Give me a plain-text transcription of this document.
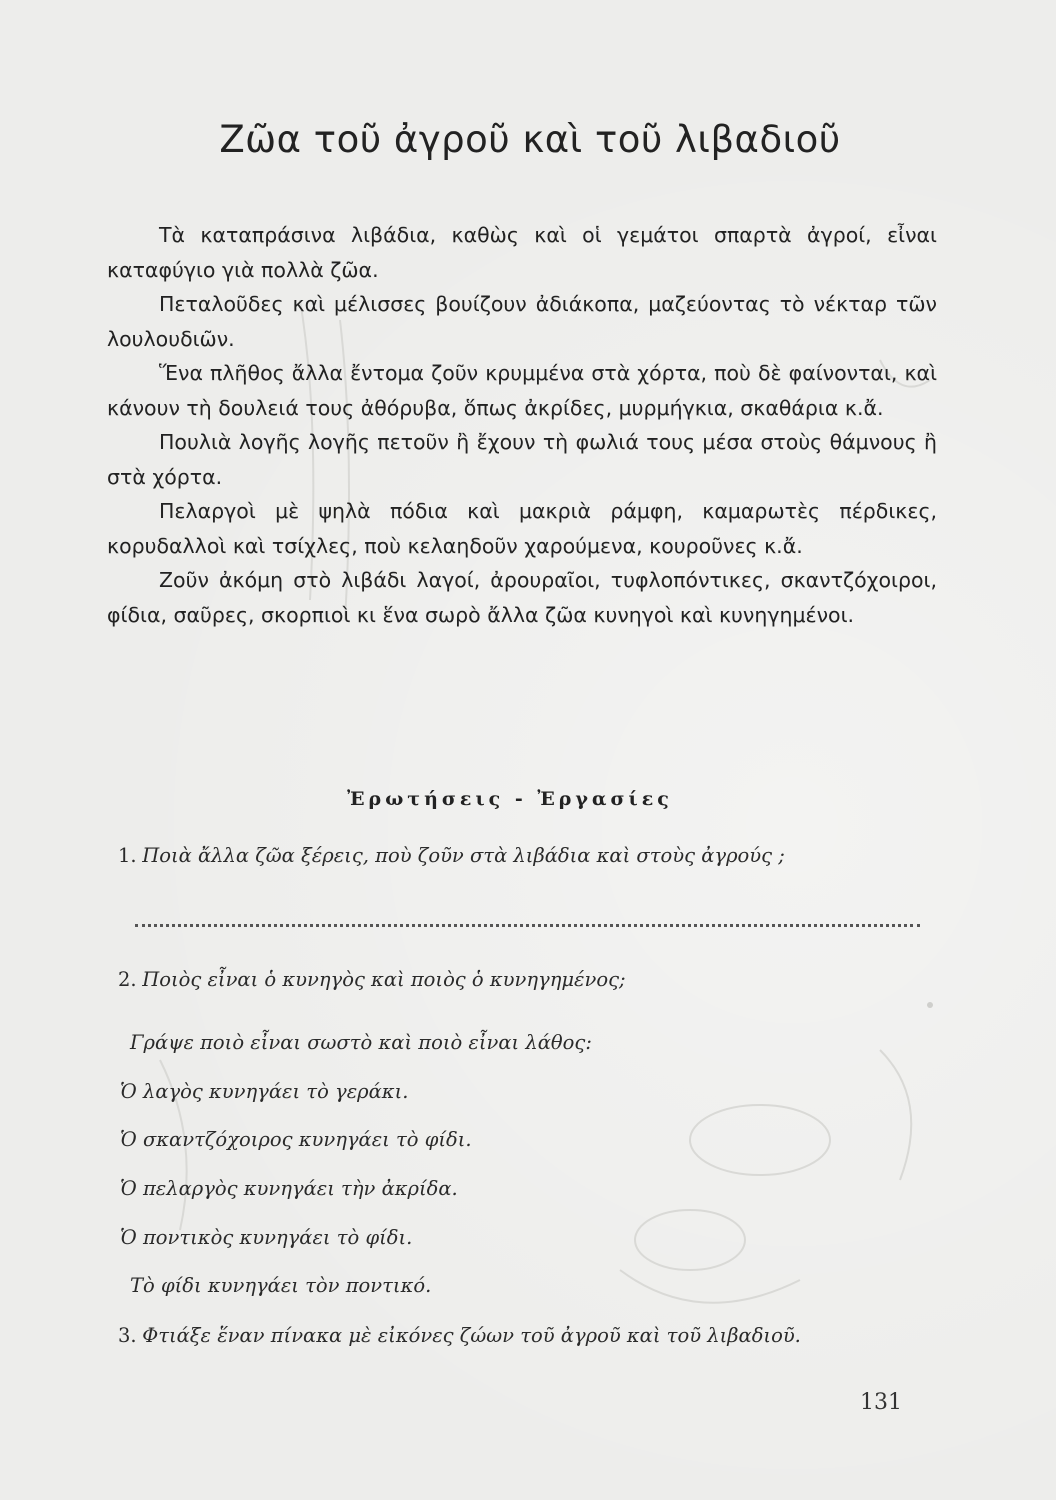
Ζῶα τοῦ ἀγροῦ καὶ τοῦ λιβαδιοῦ

Τὰ καταπράσινα λιβάδια, καθὼς καὶ οἱ γεμάτοι σπαρτὰ ἀγροί, εἶναι καταφύγιο γιὰ πολλὰ ζῶα.

Πεταλοῦδες καὶ μέλισσες βουίζουν ἀδιάκοπα, μαζεύοντας τὸ νέκταρ τῶν λουλουδιῶν.

Ἕνα πλῆθος ἄλλα ἔντομα ζοῦν κρυμμένα στὰ χόρτα, ποὺ δὲ φαίνονται, καὶ κάνουν τὴ δουλειά τους ἀθόρυβα, ὅπως ἀκρίδες, μυρμήγκια, σκαθάρια κ.ἄ.

Πουλιὰ λογῆς λογῆς πετοῦν ἢ ἔχουν τὴ φωλιά τους μέσα στοὺς θάμνους ἢ στὰ χόρτα.

Πελαργοὶ μὲ ψηλὰ πόδια καὶ μακριὰ ράμφη, καμαρωτὲς πέρδικες, κορυδαλλοὶ καὶ τσίχλες, ποὺ κελαηδοῦν χαρούμενα, κουροῦνες κ.ἄ.

Ζοῦν ἀκόμη στὸ λιβάδι λαγοί, ἀρουραῖοι, τυφλοπόντικες, σκαντζόχοιροι, φίδια, σαῦρες, σκορπιοὶ κι ἕνα σωρὸ ἄλλα ζῶα κυνηγοὶ καὶ κυνηγημένοι.

Ἐρωτήσεις - Ἐργασίες
1. Ποιὰ ἄλλα ζῶα ξέρεις, ποὺ ζοῦν στὰ λιβάδια καὶ στοὺς ἀγρούς ;
2. Ποιὸς εἶναι ὁ κυνηγὸς καὶ ποιὸς ὁ κυνηγημένος;
Γράψε ποιὸ εἶναι σωστὸ καὶ ποιὸ εἶναι λάθος:
Ὁ λαγὸς κυνηγάει τὸ γεράκι.
Ὁ σκαντζόχοιρος κυνηγάει τὸ φίδι.
Ὁ πελαργὸς κυνηγάει τὴν ἀκρίδα.
Ὁ ποντικὸς κυνηγάει τὸ φίδι.
Τὸ φίδι κυνηγάει τὸν ποντικό.
3. Φτιάξε ἕναν πίνακα μὲ εἰκόνες ζώων τοῦ ἀγροῦ καὶ τοῦ λιβαδιοῦ.
131
